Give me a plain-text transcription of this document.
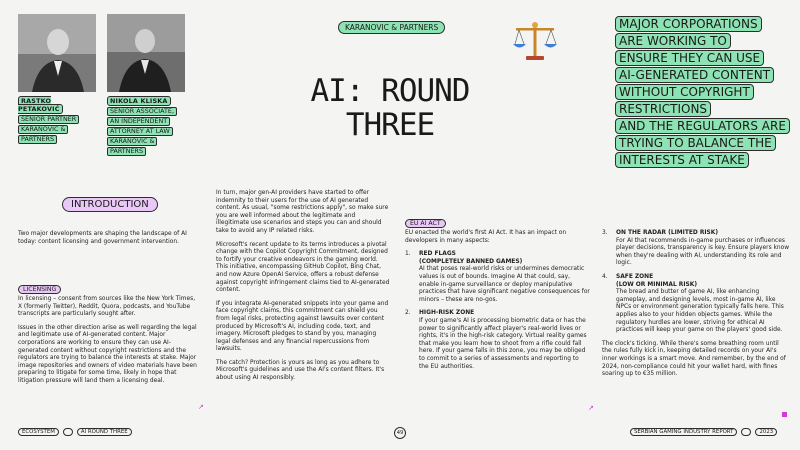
RASTKO PETAKOVIĆ
SENIOR PARTNER
KARANOVIC &
PARTNERS
NIKOLA KLISKA
SENIOR ASSOCIATE,
AN INDEPENDENT
ATTORNEY AT LAW
KARANOVIC &
PARTNERS
KARANOVIC & PARTNERS
AI: ROUND
THREE
MAJOR CORPORATIONS
ARE WORKING TO
ENSURE THEY CAN USE
AI-GENERATED CONTENT
WITHOUT COPYRIGHT
RESTRICTIONS
AND THE REGULATORS ARE
TRYING TO BALANCE THE
INTERESTS AT STAKE
INTRODUCTION

Two major developments are shaping the landscape of AI today: content licensing and government intervention.

LICENSING

In licensing – consent from sources like the New York Times, X (formerly Twitter), Reddit, Quora, podcasts, and YouTube transcripts are particularly sought after.

Issues in the other direction arise as well regarding the legal and legitimate use of AI-generated content. Major corporations are working to ensure they can use AI-generated content without copyright restrictions and the regulators are trying to balance the interests at stake. Major image repositories and owners of video materials have been preparing to litigate for some time, likely in hope that litigation pressure will land them a licensing deal.

In turn, major gen-AI providers have started to offer indemnity to their users for the use of AI generated content. As usual, "some restrictions apply", so make sure you are well informed about the legitimate and illegitimate use scenarios and steps you can and should take to avoid any IP related risks.

Microsoft's recent update to its terms introduces a pivotal change with the Copilot Copyright Commitment, designed to fortify your creative endeavors in the gaming world. This initiative, encompassing GitHub Copilot, Bing Chat, and now Azure OpenAI Service, offers a robust defense against copyright infringement claims tied to AI-generated content.

If you integrate AI-generated snippets into your game and face copyright claims, this commitment can shield you from legal risks, protecting against lawsuits over content produced by Microsoft's AI, including code, text, and imagery. Microsoft pledges to stand by you, managing legal defenses and any financial repercussions from lawsuits.

The catch? Protection is yours as long as you adhere to Microsoft's guidelines and use the AI's content filters. It's about using AI responsibly.

EU AI ACT

EU enacted the world's first AI Act. It has an impact on developers in many aspects:

1.	RED FLAGS
(COMPLETELY BANNED GAMES)
AI that poses real-world risks or undermines democratic values is out of bounds. Imagine AI that could, say, enable in-game surveillance or deploy manipulative practices that have significant negative consequences for minors – these are no-gos.
2.	HIGH-RISK ZONE
If your game's AI is processing biometric data or has the power to significantly affect player's real-world lives or rights, it's in the high-risk category. Virtual reality games that make you learn how to shoot from a rifle could fall here. If your game falls in this zone, you may be obliged to commit to a series of assessments and reporting to the EU authorities.
3.	ON THE RADAR (LIMITED RISK)
For AI that recommends in-game purchases or influences player decisions, transparency is key. Ensure players know when they're dealing with AI, understanding its role and logic.
4.	SAFE ZONE
(LOW OR MINIMAL RISK)
The bread and butter of game AI, like enhancing gameplay, and designing levels, most in-game AI, like NPCs or environment generation typically falls here. This applies also to your hidden objects games. While the regulatory hurdles are lower, striving for ethical AI practices will keep your game on the players' good side.

The clock's ticking. While there's some breathing room until the rules fully kick in, keeping detailed records on your AI's inner workings is a smart move. And remember, by the end of 2024, non-compliance could hit your wallet hard, with fines soaring up to €35 million.

↗	↗
ECOSYSTEM	AI ROUND THREE	49	SERBIAN GAMING INDUSTRY REPORT	2023
